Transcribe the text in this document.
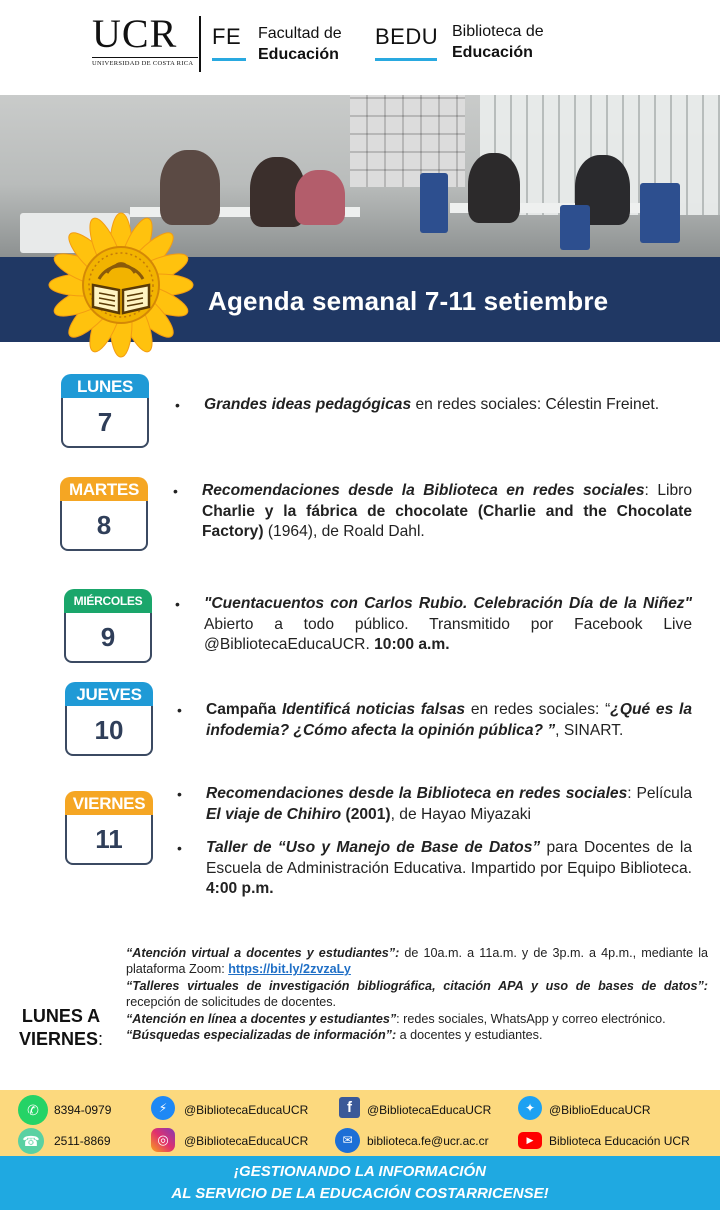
UCR
UNIVERSIDAD DE COSTA RICA
FE Facultad de
Educación
BEDU Biblioteca de
Educación
Agenda semanal 7-11 setiembre
LUNES
7
• Grandes ideas pedagógicas en redes sociales: Célestin Freinet.
MARTES
8
• Recomendaciones desde la Biblioteca en redes sociales: Libro Charlie y la fábrica de chocolate (Charlie and the Chocolate Factory) (1964), de Roald Dahl.
MIÉRCOLES
9
• "Cuentacuentos con Carlos Rubio. Celebración Día de la Niñez" Abierto a todo público. Transmitido por Facebook Live @BibliotecaEducaUCR. 10:00 a.m.
JUEVES
10
• Campaña Identificá noticias falsas en redes sociales: “¿Qué es la infodemia? ¿Cómo afecta la opinión pública? ”, SINART.
VIERNES
11
• Recomendaciones desde la Biblioteca en redes sociales: Película El viaje de Chihiro (2001), de Hayao Miyazaki
• Taller de “Uso y Manejo de Base de Datos” para Docentes de la Escuela de Administración Educativa. Impartido por Equipo Biblioteca. 4:00 p.m.
LUNES A
VIERNES:

“Atención virtual a docentes y estudiantes”: de 10a.m. a 11a.m. y de 3p.m. a 4p.m., mediante la plataforma Zoom: https://bit.ly/2zvzaLy

“Talleres virtuales de investigación bibliográfica, citación APA y uso de bases de datos”: recepción de solicitudes de docentes.

“Atención en línea a docentes y estudiantes”: redes sociales, WhatsApp y correo electrónico.

“Búsquedas especializadas de información”: a docentes y estudiantes.

✆	8394-0979
☎	2511-8869
⚡	@BibliotecaEducaUCR
◎	@BibliotecaEducaUCR
f	@BibliotecaEducaUCR
✉	biblioteca.fe@ucr.ac.cr
✦	@BiblioEducaUCR
▶	Biblioteca Educación UCR
¡GESTIONANDO LA INFORMACIÓN
AL SERVICIO DE LA EDUCACIÓN COSTARRICENSE!
